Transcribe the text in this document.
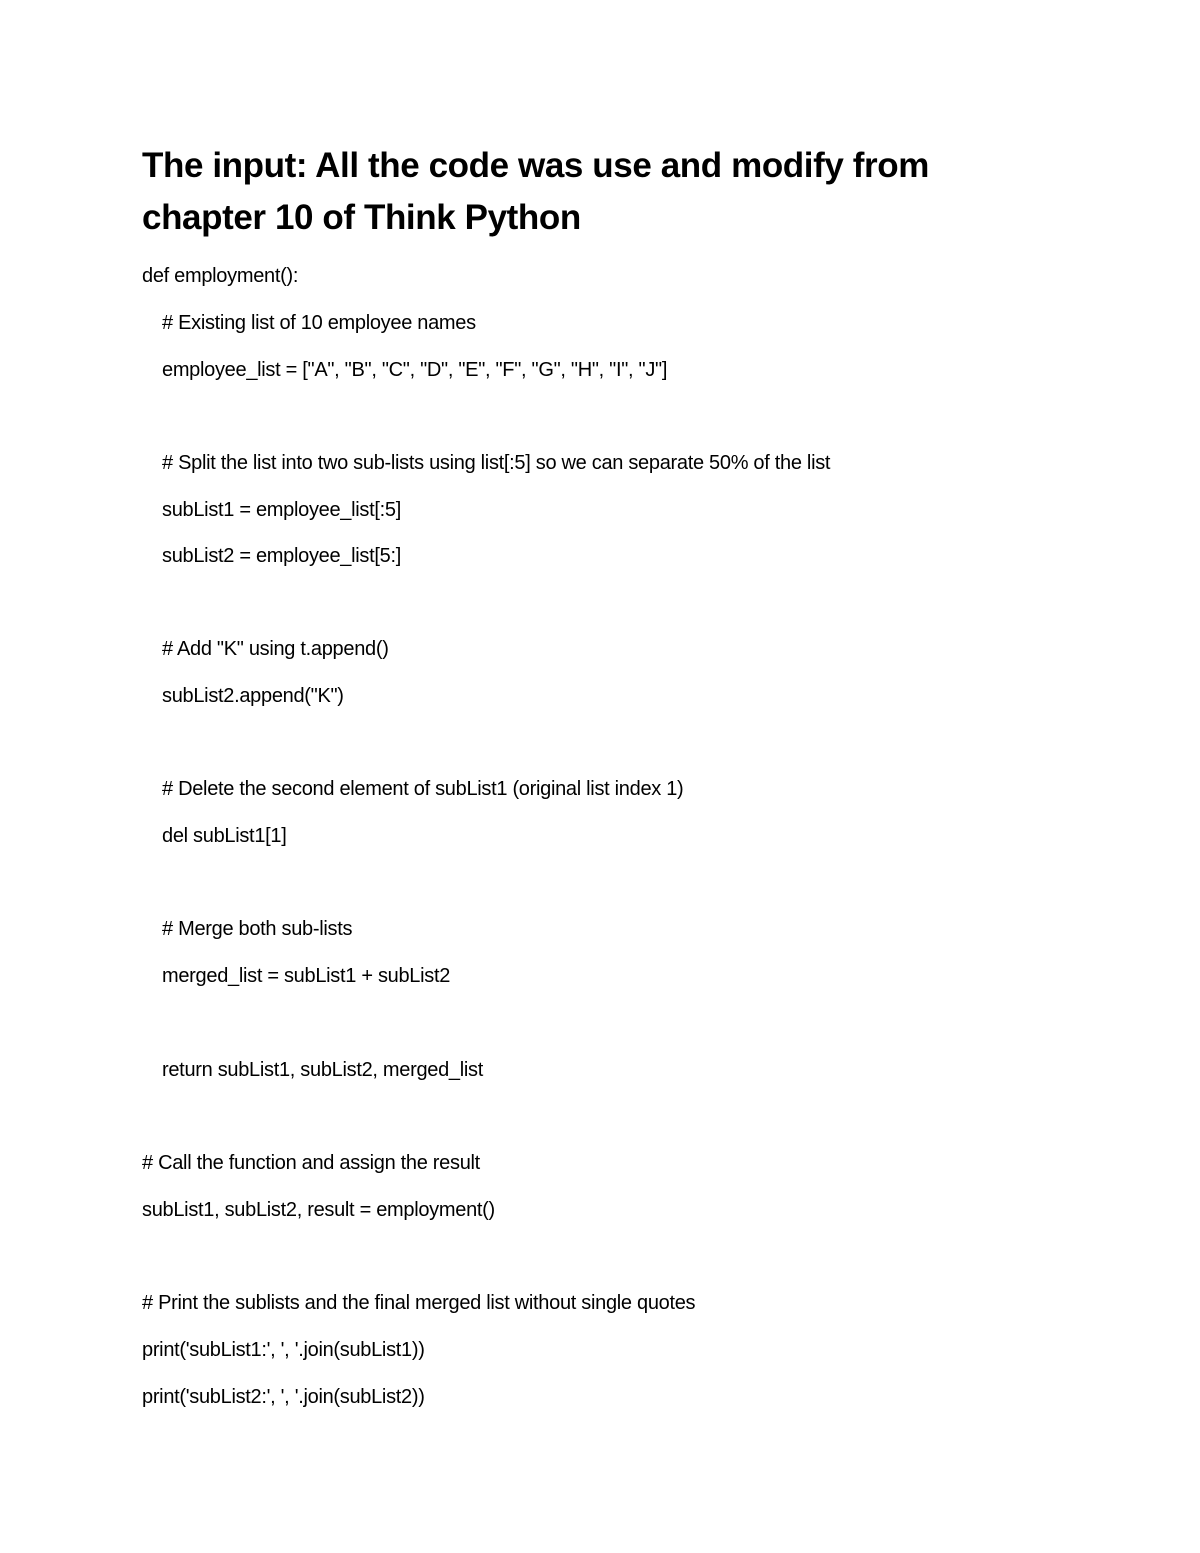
The input: All the code was use and modify from
chapter 10 of Think Python

def employment():

# Existing list of 10 employee names

employee_list = ["A", "B", "C", "D", "E", "F", "G", "H", "I", "J"]

# Split the list into two sub-lists using list[:5] so we can separate 50% of the list

subList1 = employee_list[:5]

subList2 = employee_list[5:]

# Add "K" using t.append()

subList2.append("K")

# Delete the second element of subList1 (original list index 1)

del subList1[1]

# Merge both sub-lists

merged_list = subList1 + subList2

return subList1, subList2, merged_list

# Call the function and assign the result

subList1, subList2, result = employment()

# Print the sublists and the final merged list without single quotes

print('subList1:', ', '.join(subList1))

print('subList2:', ', '.join(subList2))
